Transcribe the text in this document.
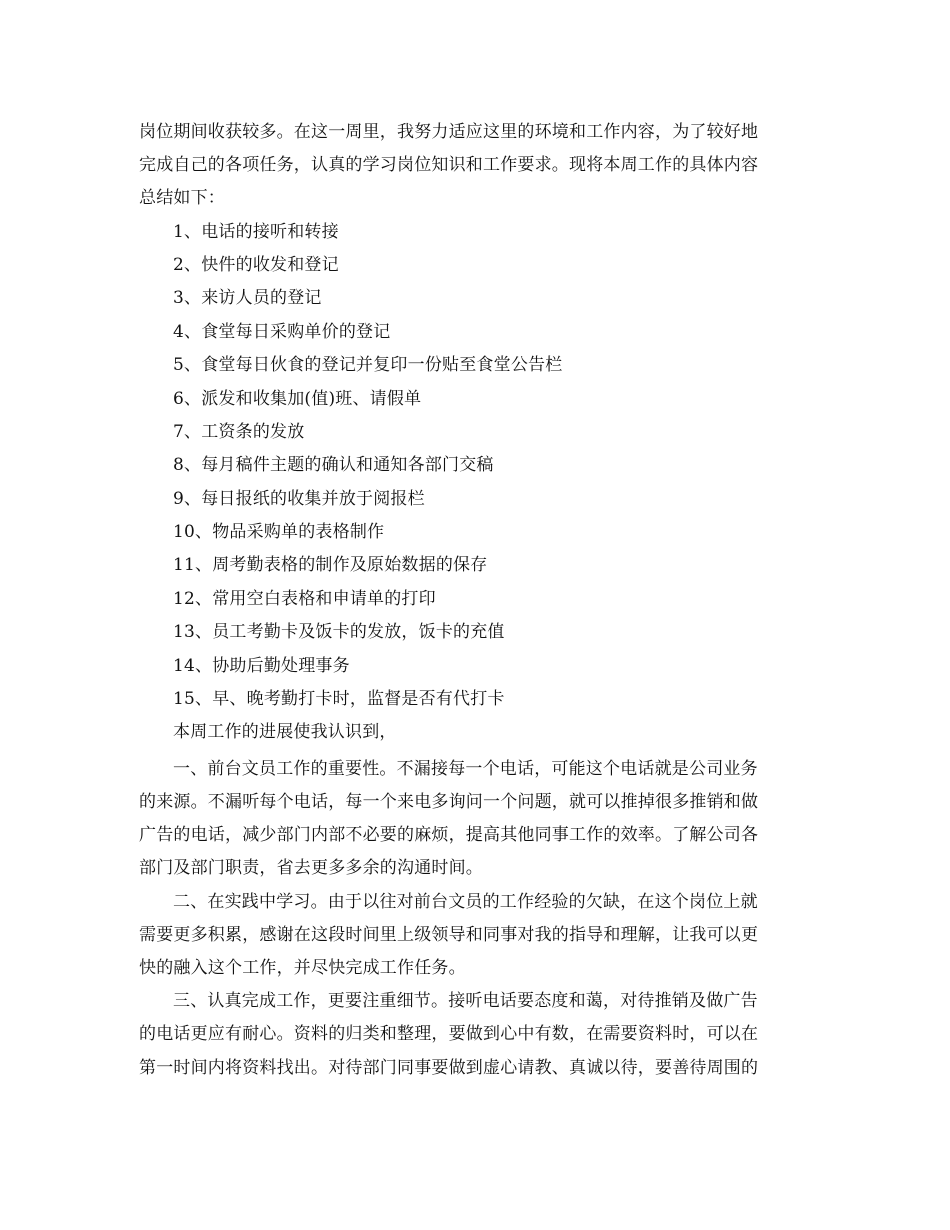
岗位期间收获较多。在这一周里，我努力适应这里的环境和工作内容，为了较好地
完成自己的各项任务，认真的学习岗位知识和工作要求。现将本周工作的具体内容
总结如下：
1、电话的接听和转接
2、快件的收发和登记
3、来访人员的登记
4、食堂每日采购单价的登记
5、食堂每日伙食的登记并复印一份贴至食堂公告栏
6、派发和收集加(值)班、请假单
7、工资条的发放
8、每月稿件主题的确认和通知各部门交稿
9、每日报纸的收集并放于阅报栏
10、物品采购单的表格制作
11、周考勤表格的制作及原始数据的保存
12、常用空白表格和申请单的打印
13、员工考勤卡及饭卡的发放，饭卡的充值
14、协助后勤处理事务
15、早、晚考勤打卡时，监督是否有代打卡
本周工作的进展使我认识到，
一、前台文员工作的重要性。不漏接每一个电话，可能这个电话就是公司业务
的来源。不漏听每个电话，每一个来电多询问一个问题，就可以推掉很多推销和做
广告的电话，减少部门内部不必要的麻烦，提高其他同事工作的效率。了解公司各
部门及部门职责，省去更多多余的沟通时间。
二、在实践中学习。由于以往对前台文员的工作经验的欠缺，在这个岗位上就
需要更多积累，感谢在这段时间里上级领导和同事对我的指导和理解，让我可以更
快的融入这个工作，并尽快完成工作任务。
三、认真完成工作，更要注重细节。接听电话要态度和蔼，对待推销及做广告
的电话更应有耐心。资料的归类和整理，要做到心中有数，在需要资料时，可以在
第一时间内将资料找出。对待部门同事要做到虚心请教、真诚以待，要善待周围的
